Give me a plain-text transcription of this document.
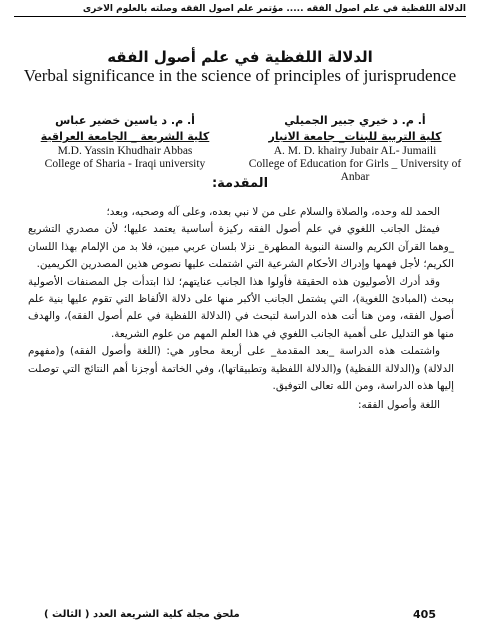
الدلالة اللفظية في علم أصول الفقه ..... مؤتمر علم أصول الفقه وصلته بالعلوم الأخرى
الدلالة اللفظية في علم أصول الفقه
Verbal significance in the science of principles of jurisprudence
أ. م. د خيري جبير الجميلي
كلية التربية للبنات_ جامعة الانبار
A. M. D. khairy Jubair AL- Jumaili
College of Education for Girls _ University of Anbar
أ. م. د ياسين خضير عباس
كلية الشريعة _ الجامعة العراقية
M.D. Yassin Khudhair Abbas
College of Sharia - Iraqi university
المقدمة:

الحمد لله وحده، والصلاة والسلام على من لا نبي بعده، وعلى آله وصحبه، وبعد؛

فيمثل الجانب اللغوي في علم أصول الفقه ركيزة أساسية يعتمد عليها؛ لأن مصدري التشريع _وهما القرآن الكريم والسنة النبوية المطهرة_ نزلا بلسان عربي مبين، فلا بد من الإلمام بهذا اللسان الكريم؛ لأجل فهمها وإدراك الأحكام الشرعية التي اشتملت عليها نصوص هذين المصدرين الكريمين.

وقد أدرك الأصوليون هذه الحقيقة فأولوا هذا الجانب عنايتهم؛ لذا ابتدأت جل المصنفات الأصولية ببحث (المبادئ اللغوية)، التي يشتمل الجانب الأكبر منها على دلالة الألفاظ التي تقوم عليها بنية علم أصول الفقه، ومن هنا أتت هذه الدراسة لتبحث في (الدلالة اللفظية في علم أصول الفقه)، والهدف منها هو التدليل على أهمية الجانب اللغوي في هذا العلم المهم من علوم الشريعة.

واشتملت هذه الدراسة _بعد المقدمة_ على أربعة محاور هي: (اللغة وأصول الفقه) و(مفهوم الدلالة) و(الدلالة اللفظية) و(الدلالة اللفظية وتطبيقاتها)، وفي الخاتمة أوجزنا أهم النتائج التي توصلت إليها هذه الدراسة، ومن الله تعالى التوفيق.

اللغة وأصول الفقه:

ملحق مجلة كلية الشريعة العدد ( الثالث )	405
